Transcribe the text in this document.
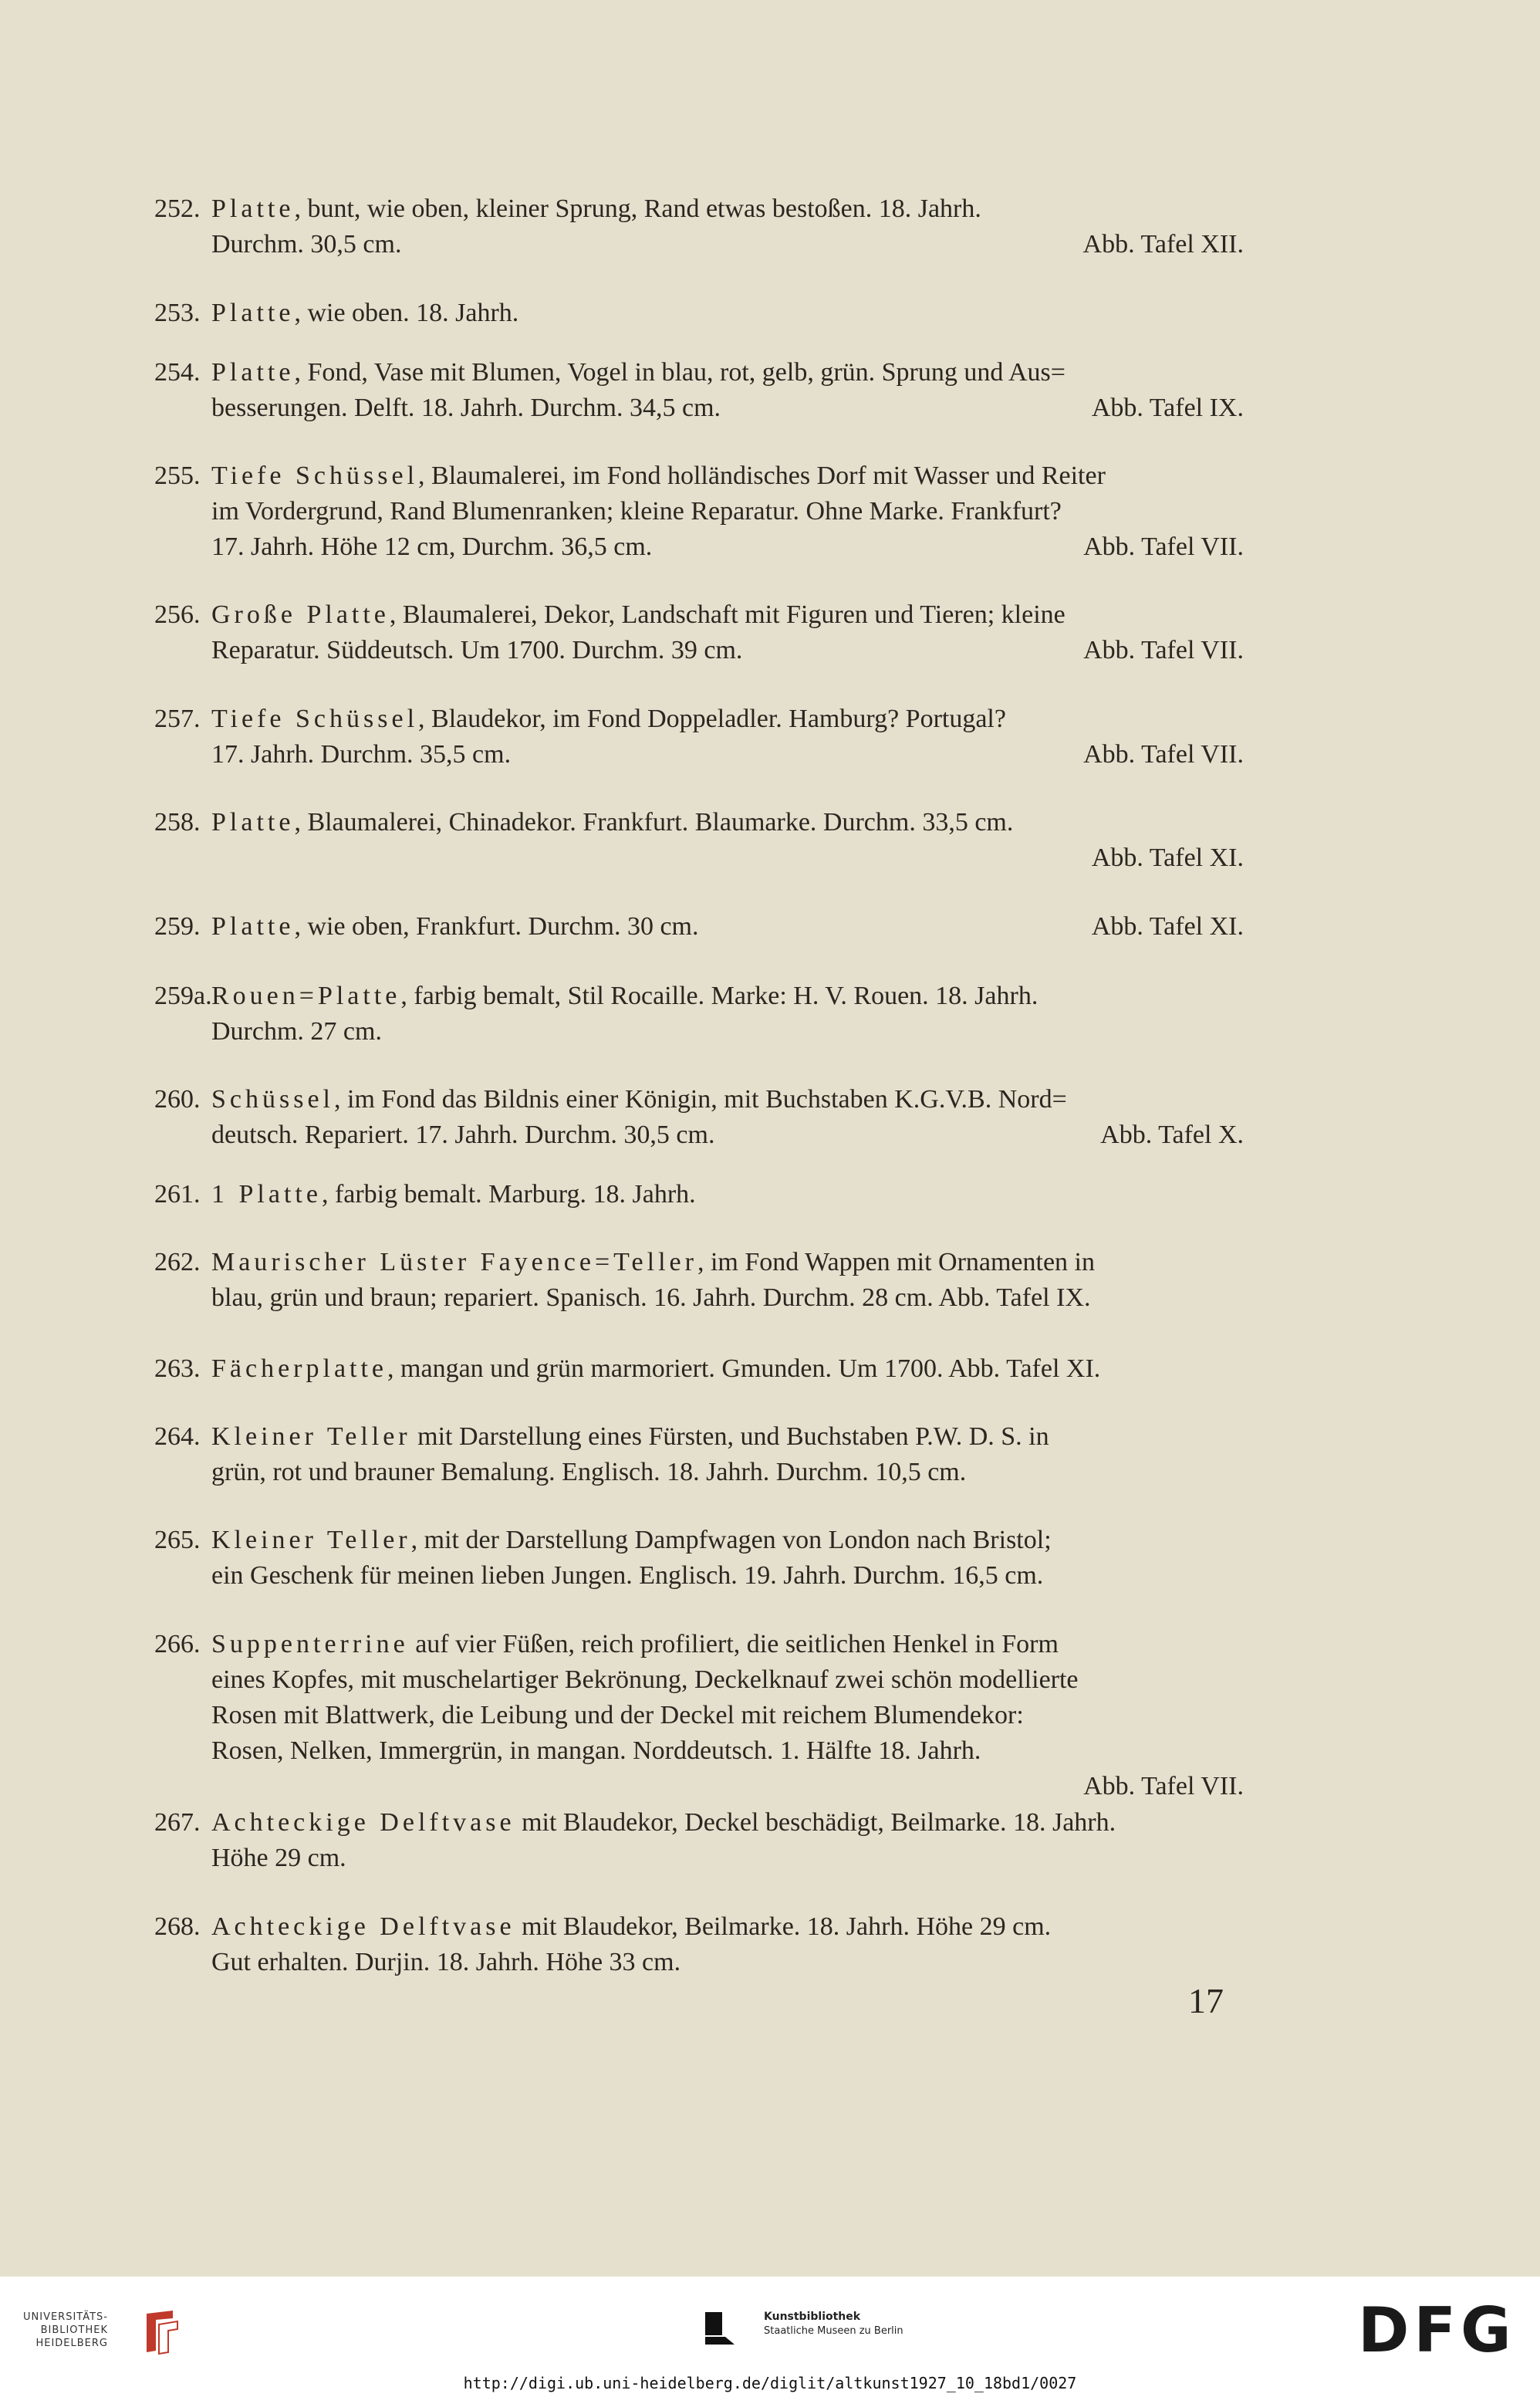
252. Platte, bunt, wie oben, kleiner Sprung, Rand etwas bestoßen. 18. Jahrh.
Durchm. 30,5 cm.	Abb. Tafel XII.
253. Platte, wie oben. 18. Jahrh.
254. Platte, Fond, Vase mit Blumen, Vogel in blau, rot, gelb, grün. Sprung und Aus=
besserungen. Delft. 18. Jahrh. Durchm. 34,5 cm.	Abb. Tafel IX.
255. Tiefe Schüssel, Blaumalerei, im Fond holländisches Dorf mit Wasser und Reiter
im Vordergrund, Rand Blumenranken; kleine Reparatur. Ohne Marke. Frankfurt?
17. Jahrh. Höhe 12 cm, Durchm. 36,5 cm.	Abb. Tafel VII.
256. Große Platte, Blaumalerei, Dekor, Landschaft mit Figuren und Tieren; kleine
Reparatur. Süddeutsch. Um 1700. Durchm. 39 cm.	Abb. Tafel VII.
257. Tiefe Schüssel, Blaudekor, im Fond Doppeladler. Hamburg? Portugal?
17. Jahrh. Durchm. 35,5 cm.	Abb. Tafel VII.
258. Platte, Blaumalerei, Chinadekor. Frankfurt. Blaumarke. Durchm. 33,5 cm.
Abb. Tafel XI.
259. Platte, wie oben, Frankfurt. Durchm. 30 cm.	Abb. Tafel XI.
259a.Rouen=Platte, farbig bemalt, Stil Rocaille. Marke: H. V. Rouen. 18. Jahrh.
Durchm. 27 cm.
260. Schüssel, im Fond das Bildnis einer Königin, mit Buchstaben K.G.V.B. Nord=
deutsch. Repariert. 17. Jahrh. Durchm. 30,5 cm.	Abb. Tafel X.
261. 1 Platte, farbig bemalt. Marburg. 18. Jahrh.
262. Maurischer Lüster Fayence=Teller, im Fond Wappen mit Ornamenten in
blau, grün und braun; repariert. Spanisch. 16. Jahrh. Durchm. 28 cm. Abb. Tafel IX.
263. Fächerplatte, mangan und grün marmoriert. Gmunden. Um 1700. Abb. Tafel XI.
264. Kleiner Teller mit Darstellung eines Fürsten, und Buchstaben P.W. D. S. in
grün, rot und brauner Bemalung. Englisch. 18. Jahrh. Durchm. 10,5 cm.
265. Kleiner Teller, mit der Darstellung Dampfwagen von London nach Bristol;
ein Geschenk für meinen lieben Jungen. Englisch. 19. Jahrh. Durchm. 16,5 cm.
266. Suppenterrine auf vier Füßen, reich profiliert, die seitlichen Henkel in Form
eines Kopfes, mit muschelartiger Bekrönung, Deckelknauf zwei schön modellierte
Rosen mit Blattwerk, die Leibung und der Deckel mit reichem Blumendekor:
Rosen, Nelken, Immergrün, in mangan. Norddeutsch. 1. Hälfte 18. Jahrh.
Abb. Tafel VII.
267. Achteckige Delftvase mit Blaudekor, Deckel beschädigt, Beilmarke. 18. Jahrh.
Höhe 29 cm.
268. Achteckige Delftvase mit Blaudekor, Beilmarke. 18. Jahrh. Höhe 29 cm.
Gut erhalten. Durjin. 18. Jahrh. Höhe 33 cm.
17
UNIVERSITÄTS-
BIBLIOTHEK
HEIDELBERG
Kunstbibliothek
Staatliche Museen zu Berlin	DFG
http://digi.ub.uni-heidelberg.de/diglit/altkunst1927_10_18bd1/0027
